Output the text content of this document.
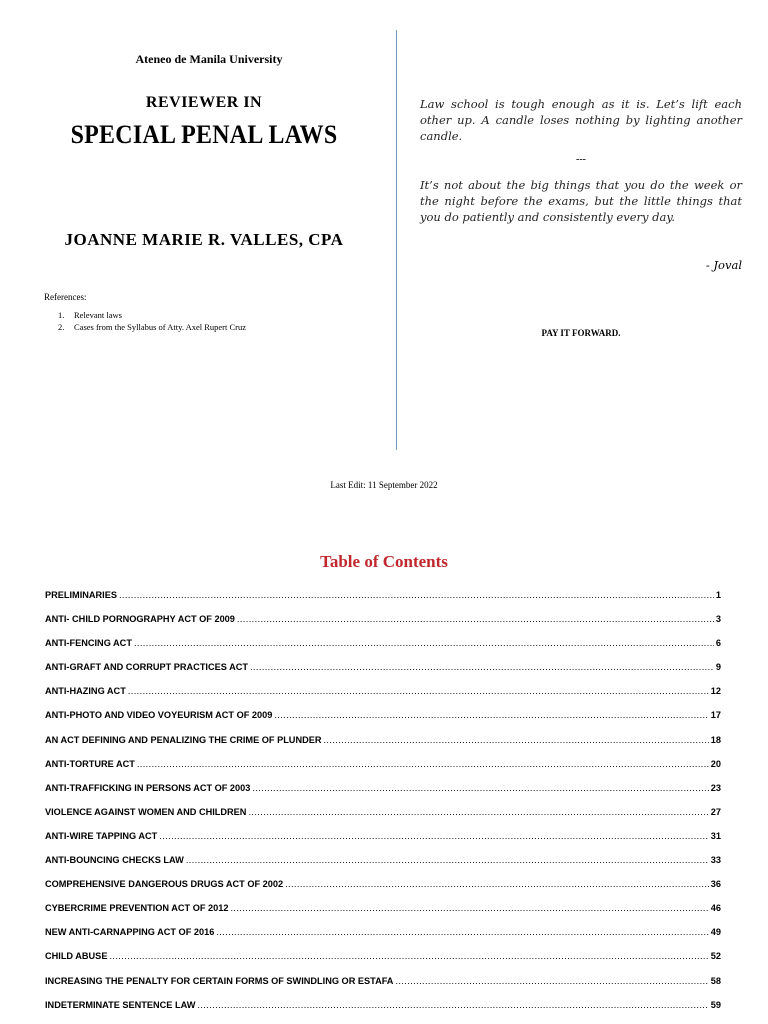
Ateneo de Manila University
REVIEWER IN
SPECIAL PENAL LAWS
JOANNE MARIE R. VALLES, CPA
References:
1. Relevant laws
2. Cases from the Syllabus of Atty. Axel Rupert Cruz
Law school is tough enough as it is. Let’s lift each other up. A candle loses nothing by lighting another candle.
---
It’s not about the big things that you do the week or the night before the exams, but the little things that you do patiently and consistently every day.
- Joval
PAY IT FORWARD.
Last Edit: 11 September 2022
Table of Contents
PRELIMINARIES .....	1
ANTI- CHILD PORNOGRAPHY ACT OF 2009 .....	3
ANTI-FENCING ACT .....	6
ANTI-GRAFT AND CORRUPT PRACTICES ACT .....	9
ANTI-HAZING ACT .....	12
ANTI-PHOTO AND VIDEO VOYEURISM ACT OF 2009 .....	17
AN ACT DEFINING AND PENALIZING THE CRIME OF PLUNDER .....	18
ANTI-TORTURE ACT .....	20
ANTI-TRAFFICKING IN PERSONS ACT OF 2003 .....	23
VIOLENCE AGAINST WOMEN AND CHILDREN .....	27
ANTI-WIRE TAPPING ACT .....	31
ANTI-BOUNCING CHECKS LAW .....	33
COMPREHENSIVE DANGEROUS DRUGS ACT OF 2002 .....	36
CYBERCRIME PREVENTION ACT OF 2012 .....	46
NEW ANTI-CARNAPPING ACT OF 2016 .....	49
CHILD ABUSE .....	52
INCREASING THE PENALTY FOR CERTAIN FORMS OF SWINDLING OR ESTAFA .....	58
INDETERMINATE SENTENCE LAW .....	59
